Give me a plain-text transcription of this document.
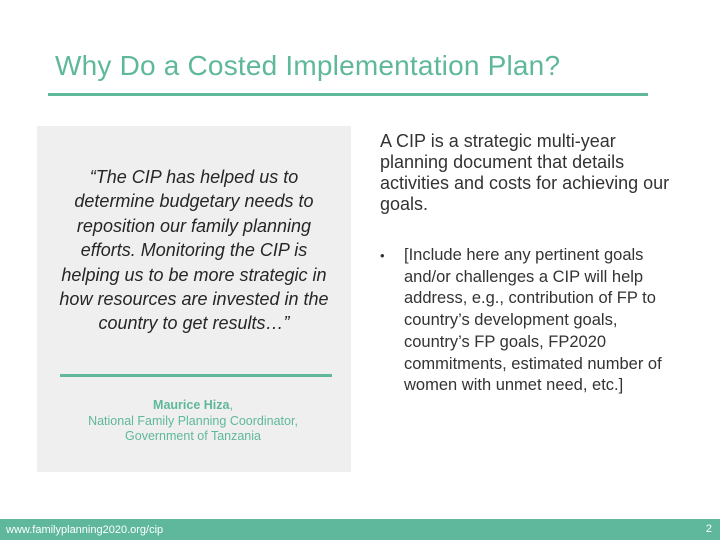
Why Do a Costed Implementation Plan?
“The CIP has helped us to determine budgetary needs to reposition our family planning efforts. Monitoring the CIP is helping us to be more strategic in how resources are invested in the country to get results…”
Maurice Hiza,
National Family Planning Coordinator, Government of Tanzania
A CIP is a strategic multi-year planning document that details activities and costs for achieving our goals.
• [Include here any pertinent goals and/or challenges a CIP will help address, e.g., contribution of FP to country’s development goals, country’s FP goals, FP2020 commitments, estimated number of women with unmet need, etc.]
www.familyplanning2020.org/cip	2
